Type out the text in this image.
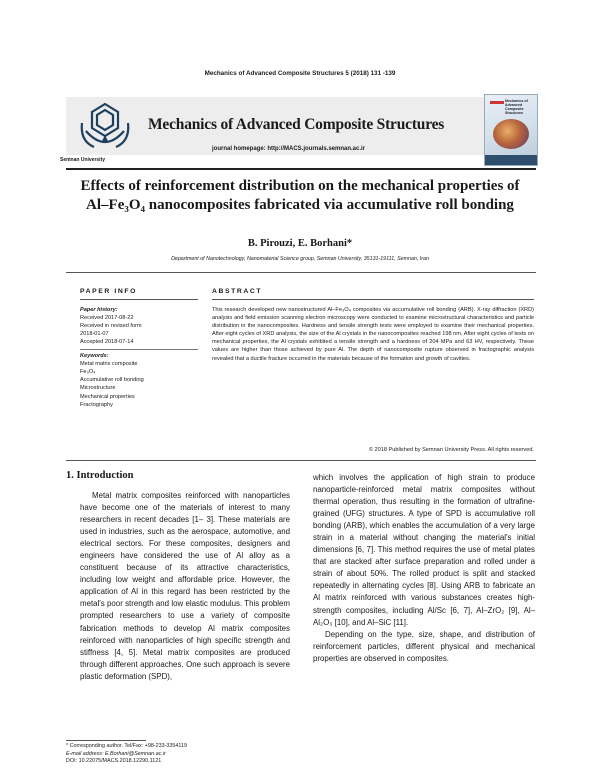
Mechanics of Advanced Composite Structures 5 (2018) 131 -139
Semnan University
Mechanics of Advanced Composite Structures
journal homepage: http://MACS.journals.semnan.ac.ir
Mechanics of Advanced Composite Structures
Effects of reinforcement distribution on the mechanical properties of Al–Fe₃O₄ nanocomposites fabricated via accumulative roll bonding
B. Pirouzi, E. Borhani*
Department of Nanotechnology, Nanomaterial Science group, Semnan University, 35131-19111, Semnan, Iran
PAPER INFO	ABSTRACT
Paper history:
Received 2017-08-22
Received in revised form
2018-01-07
Accepted 2018-07-14
Keywords:
Metal matrix composite
Fe₃O₄
Accumulative roll bonding
Microstructure
Mechanical properties
Fractography
This research developed new nanostructured Al–Fe₃O₄ composites via accumulative roll bonding (ARB). X-ray diffraction (XRD) analysis and field emission scanning electron microscopy were conducted to examine microstructural characteristics and particle distribution in the nanocomposites. Hardness and tensile strength tests were employed to examine their mechanical properties. After eight cycles of XRD analysis, the size of the Al crystals in the nanocomposites reached 198 nm. After eight cycles of tests on mechanical properties, the Al crystals exhibited a tensile strength and a hardness of 204 MPa and 63 HV, respectively. These values are higher than those achieved by pure Al. The depth of nanocomposite rupture observed in fractographic analysis revealed that a ductile fracture occurred in the materials because of the formation and growth of cavities.
© 2018 Published by Semnan University Press. All rights reserved.
1. Introduction
Metal matrix composites reinforced with nanoparticles have become one of the materials of interest to many researchers in recent decades [1– 3]. These materials are used in industries, such as the aerospace, automotive, and electrical sectors. For these composites, designers and engineers have considered the use of Al alloy as a constituent because of its attractive characteristics, including low weight and affordable price. However, the application of Al in this regard has been restricted by the metal's poor strength and low elastic modulus. This problem prompted researchers to use a variety of composite fabrication methods to develop Al matrix composites reinforced with nanoparticles of high specific strength and stiffness [4, 5]. Metal matrix composites are produced through different approaches. One such approach is severe plastic deformation (SPD),

which involves the application of high strain to produce nanoparticle-reinforced metal matrix composites without thermal operation, thus resulting in the formation of ultrafine-grained (UFG) structures. A type of SPD is accumulative roll bonding (ARB), which enables the accumulation of a very large strain in a material without changing the material's initial dimensions [6, 7]. This method requires the use of metal plates that are stacked after surface preparation and rolled under a strain of about 50%. The rolled product is split and stacked repeatedly in alternating cycles [8]. Using ARB to fabricate an Al matrix reinforced with various substances creates high-strength composites, including Al/Sc [6, 7], Al–ZrO₂ [9], Al–Al₂O₃ [10], and Al–SiC [11].

Depending on the type, size, shape, and distribution of reinforcement particles, different physical and mechanical properties are observed in composites.

* Corresponding author. Tel/Fax: +98-233-3354119
E-mail address: E.Borhani@Semnan.ac.ir
DOI: 10.22075/MACS.2018.12290.1121
